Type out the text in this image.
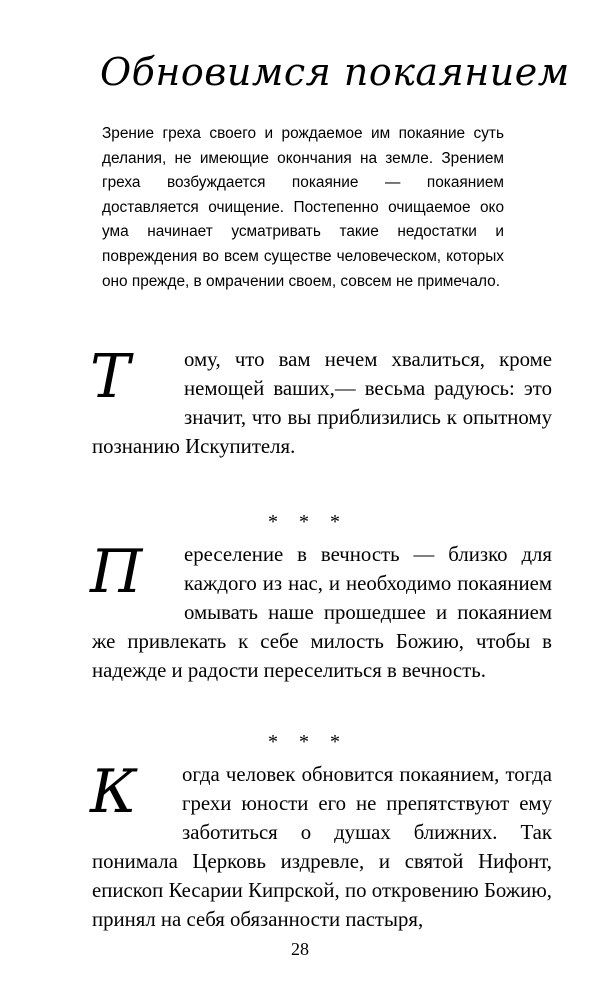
Обновимся покаянием

Зрение греха своего и рождаемое им покаяние суть делания, не имеющие окончания на земле. Зрением греха возбуждается покаяние — покаянием доставляется очищение. Постепенно очищаемое око ума начинает усматривать такие недостатки и повреждения во всем существе человеческом, которых оно прежде, в омрачении своем, совсем не примечало.

Т	ому, что вам нечем хвалиться, кроме немощей ваших,— весьма радуюсь: это значит, что вы приблизились к опытному познанию Искупителя.

* * *
П	ереселение в вечность — близко для каждого из нас, и необходимо покаянием омывать наше прошедшее и покаянием же привлекать к себе милость Божию, чтобы в надежде и радости переселиться в вечность.

* * *
К	огда человек обновится покаянием, тогда грехи юности его не препятствуют ему заботиться о душах ближних. Так понимала Церковь издревле, и святой Нифонт, епископ Кесарии Кипрской, по откровению Божию, принял на себя обязанности пастыря,

28
